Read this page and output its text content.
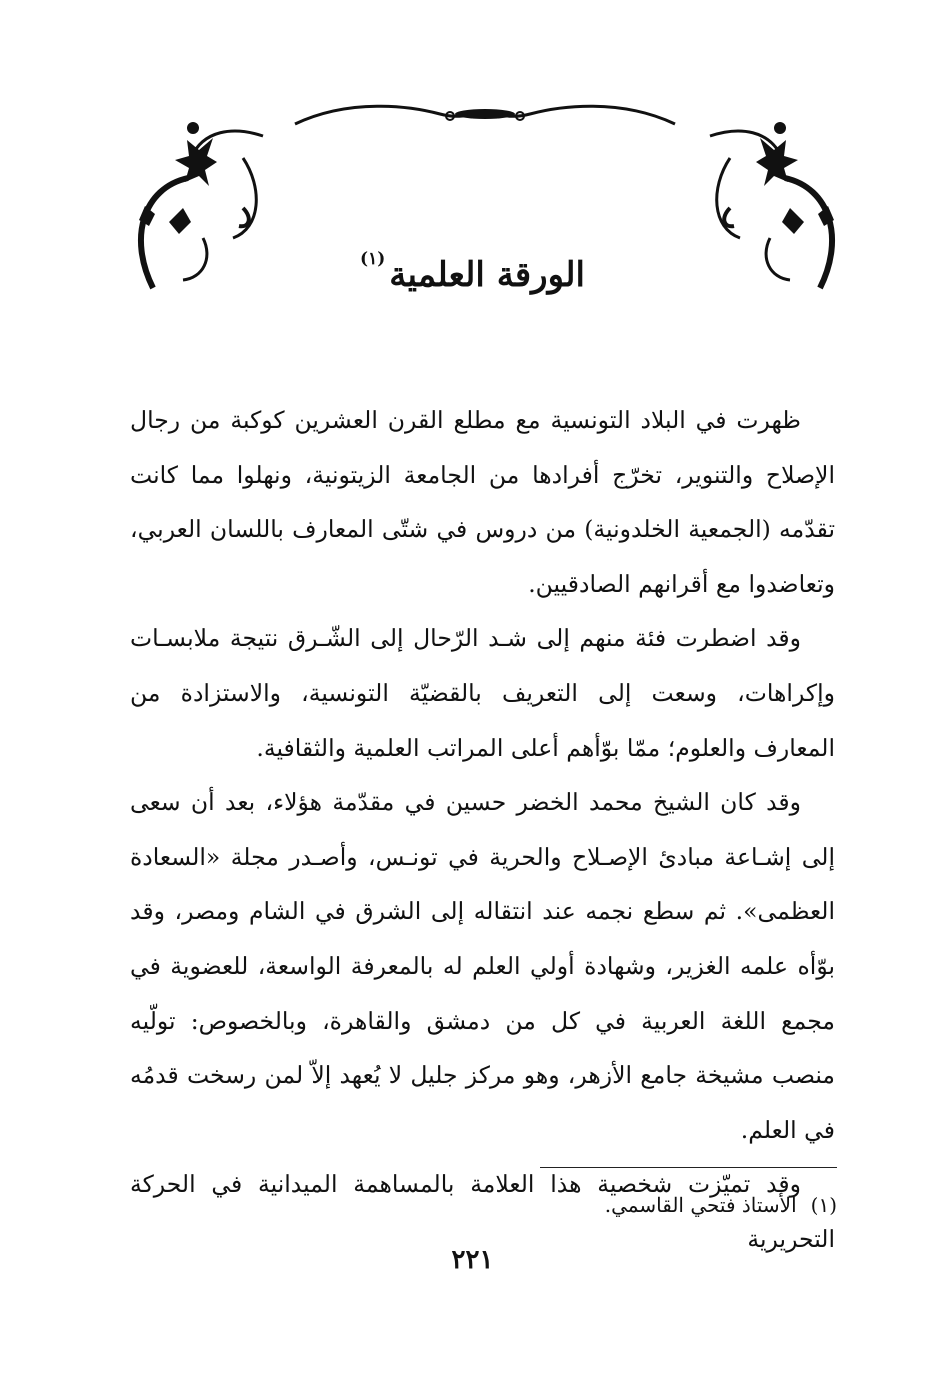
الورقة العلمية$^{(١)}$

ظهرت في البلاد التونسية مع مطلع القرن العشرين كوكبة من رجال الإصلاح والتنوير، تخرّج أفرادها من الجامعة الزيتونية، ونهلوا مما كانت تقدّمه (الجمعية الخلدونية) من دروس في شتّى المعارف باللسان العربي، وتعاضدوا مع أقرانهم الصادقيين.

وقد اضطرت فئة منهم إلى شـد الرّحال إلى الشّـرق نتيجة ملابسـات وإكراهات، وسعت إلى التعريف بالقضيّة التونسية، والاستزادة من المعارف والعلوم؛ ممّا بوّأهم أعلى المراتب العلمية والثقافية.

وقد كان الشيخ محمد الخضر حسين في مقدّمة هؤلاء، بعد أن سعى إلى إشـاعة مبادئ الإصـلاح والحرية في تونـس، وأصـدر مجلة «السعادة العظمى». ثم سطع نجمه عند انتقاله إلى الشرق في الشام ومصر، وقد بوّأه علمه الغزير، وشهادة أولي العلم له بالمعرفة الواسعة، للعضوية في مجمع اللغة العربية في كل من دمشق والقاهرة، وبالخصوص: تولّيه منصب مشيخة جامع الأزهر، وهو مركز جليل لا يُعهد إلاّ لمن رسخت قدمُه في العلم.

وقد تميّزت شخصية هذا العلامة بالمساهمة الميدانية في الحركة التحريرية

(١)الأستاذ فتحي القاسمي.
٢٢١
